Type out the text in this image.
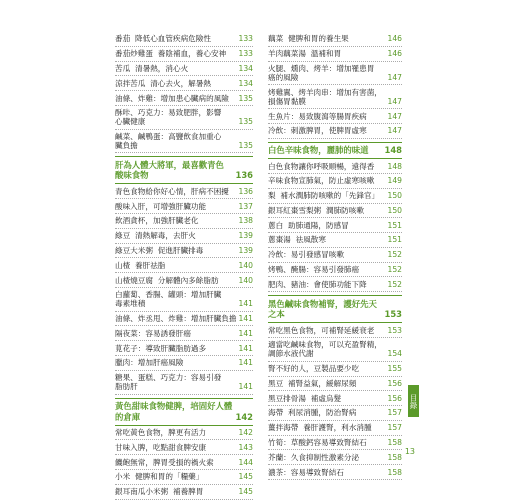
番茄  降低心血管疾病危險性	133
番茄炒雞蛋  養陰補血，養心安神	133
苦瓜  清暑熱，消心火	134
涼拌苦瓜  清心去火，解暑熱	134
油條、炸雞：增加患心臟病的風險	135
酥咔、巧克力：易致肥胖，影響
心臟健康	135
鹹菜、鹹鴨蛋：高鹽飲食加重心
臟負擔	135
肝為人體大將軍，最喜歡青色
酸味食物	136
青色食物給你好心情，肝病不困擾	136
酸味入肝，可增強肝臟功能	137
飲酒貪杯，加強肝臟老化	138
綠豆  清熱解毒，去肝火	139
綠豆大米粥  促進肝臟排毒	139
山楂  養肝祛脂	140
山楂燒豆腐  分解體內多餘脂肪	140
白蘿蔔、香腸、罐頭：增加肝臟
毒素堆積	141
油條、炸丞甩、炸雞：增加肝臟負擔 141
隔夜菜：容易誘發肝癌	141
莧花子：導致肝臟脂肪過多	141
臘肉：增加肝癌風險	141
糖果、蛋糕、巧克力：容易引發
脂肪肝	141
黃色甜味食物健脾，培固好人體
的倉庫	142
常吃黃色食物，脾更有活力	142
甘味入脾，吃點甜食脾安康	143
饑飽無常，脾胃受損的禍火索	144
小米  健脾和胃的「糧藥」	145
銀耳南瓜小米粥  補養脾胃	145
藕菜  健脾和胃的養生果	146
羊肉藕菜湯  溫補和胃	146
火腿、燻肉、烤羊：增加罹患胃
癌的風險	147
烤雞翼、烤羊肉串：增加有害菌，
損傷胃黏膜	147
生魚片：易致腹瀉等腸胃疾病	147
冷飲：刺激脾胃，使脾胃虛寒	147
白色辛味食物，麗肺的味道	148
白色食物讓你呼吸順暢，遠得香	148
辛味食物宣肺氣，防止虛寒咳嗽	149
梨  補水潤肺防咳嗽的「先鋒官」	150
銀耳紅棗雪梨粥  潤肺防咳嗽	150
蔥白  助肺通陽，防感冒	151
蔥棗湯  祛風散寒	151
冷飲：易引發感冒咳嗽	152
烤鴨、醃腸：容易引發肺癌	152
肥肉、豬油：會使肺功能下降	152
黑色鹹味食物補腎，護好先天
之本	153
常吃黑色食物，可補腎延緩衰老	153
適當吃鹹味食物，可以充盈腎精，
調節水液代謝	154
腎不好的人，豆製品要少吃	155
黑豆  補腎益氣，緩解尿頻	156
黑豆排骨湯  補虛烏髮	156
海帶  利尿消腫，防治腎病	157
薑拌海帶  養肝護腎，利水消腫	157
竹筍：草酸鈣容易導致腎結石	158
芥蘭：久食抑制性激素分泌	158
濃茶：容易導致腎結石	158
目錄
13
